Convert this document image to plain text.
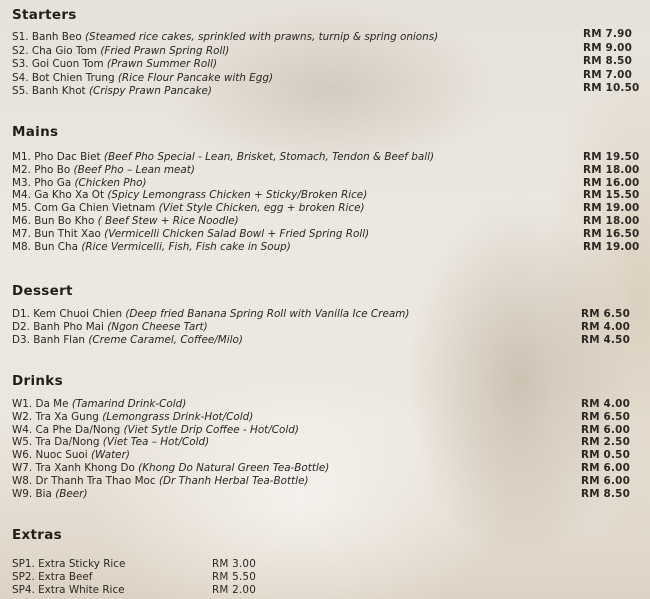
Starters
S1. Banh Beo (Steamed rice cakes, sprinkled with prawns, turnip & spring onions)	RM 7.90
S2. Cha Gio Tom (Fried Prawn Spring Roll)	RM 9.00
S3. Goi Cuon Tom (Prawn Summer Roll)	RM 8.50
S4. Bot Chien Trung (Rice Flour Pancake with Egg)	RM 7.00
S5. Banh Khot (Crispy Prawn Pancake)	RM 10.50
Mains
M1. Pho Dac Biet (Beef Pho Special - Lean, Brisket, Stomach, Tendon & Beef ball)	RM 19.50
M2. Pho Bo (Beef Pho – Lean meat)	RM 18.00
M3. Pho Ga (Chicken Pho)	RM 16.00
M4. Ga Kho Xa Ot (Spicy Lemongrass Chicken + Sticky/Broken Rice)	RM 15.50
M5. Com Ga Chien Vietnam (Viet Style Chicken, egg + broken Rice)	RM 19.00
M6. Bun Bo Kho ( Beef Stew + Rice Noodle)	RM 18.00
M7. Bun Thit Xao (Vermicelli Chicken Salad Bowl + Fried Spring Roll)	RM 16.50
M8. Bun Cha (Rice Vermicelli, Fish, Fish cake in Soup)	RM 19.00
Dessert
D1. Kem Chuoi Chien (Deep fried Banana Spring Roll with Vanilla Ice Cream)	RM 6.50
D2. Banh Pho Mai (Ngon Cheese Tart)	RM 4.00
D3. Banh Flan (Creme Caramel, Coffee/Milo)	RM 4.50
Drinks
W1. Da Me (Tamarind Drink-Cold)	RM 4.00
W2. Tra Xa Gung (Lemongrass Drink-Hot/Cold)	RM 6.50
W4. Ca Phe Da/Nong (Viet Sytle Drip Coffee - Hot/Cold)	RM 6.00
W5. Tra Da/Nong (Viet Tea – Hot/Cold)	RM 2.50
W6. Nuoc Suoi (Water)	RM 0.50
W7. Tra Xanh Khong Do (Khong Do Natural Green Tea-Bottle)	RM 6.00
W8. Dr Thanh Tra Thao Moc (Dr Thanh Herbal Tea-Bottle)	RM 6.00
W9. Bia (Beer)	RM 8.50
Extras
SP1. Extra Sticky Rice	RM 3.00
SP2. Extra Beef	RM 5.50
SP4. Extra White Rice	RM 2.00
